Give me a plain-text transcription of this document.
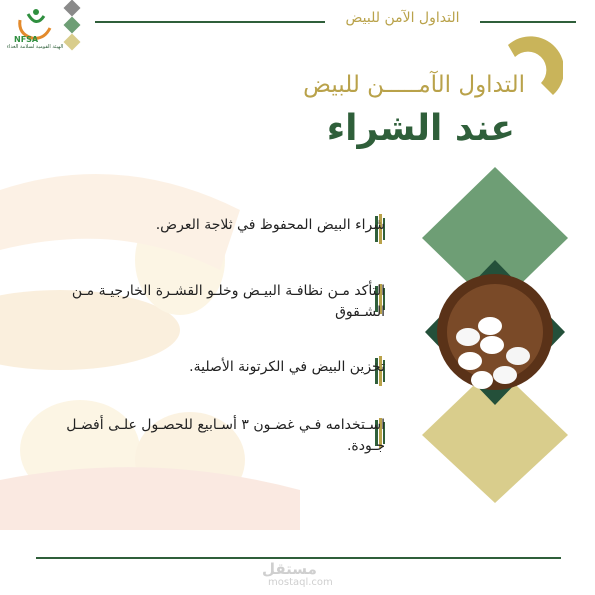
NFSA
الهيئة القومية لسلامة الغذاء
التداول الآمن للبيض
التداول الآمـــــن للبيض
عند الشراء
شراء البيض المحفوظ في ثلاجة العرض.
التأكد مـن نظافـة البيـض وخلـو القشـرة الخارجيـة مـن الشـقوق
تخزين البيض في الكرتونة الأصلية.
اسـتخدامه فـي غضـون ٣ أسـابيع للحصـول علـى أفضـل جـودة.
مستقل
mostaql.com
